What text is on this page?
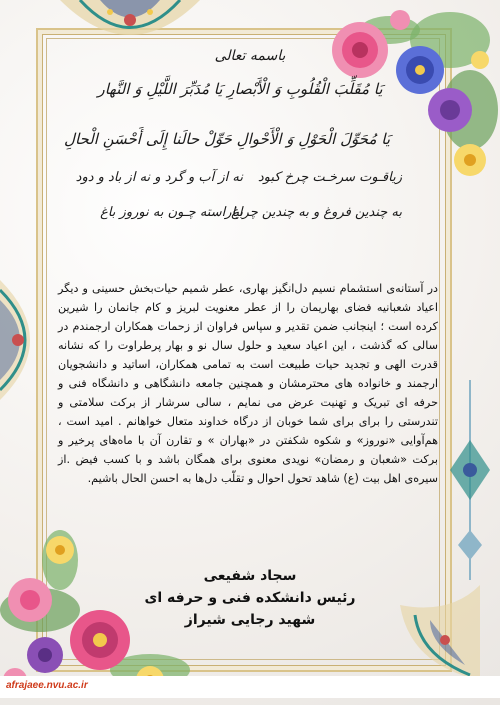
باسمه تعالی
يَا مُقَلِّبَ الْقُلُوبِ وَ الْأَبْصارِ يَا مُدَبِّرَ اللَّيْلِ وَ النَّهار
يَا مُحَوِّلَ الْحَوْلِ وَ الْأَحْوالِ حَوِّلْ حالَنا إِلَى أَحْسَنِ الْحالِ
زیاقـوت سرخـت چرخ کبود
نه از آب و گرد و نه از باد و دود
به چندین فروغ و به چندین چراغ
بیاراسته چـون به نوروز باغ
در آستانه‌ی استشمام نسیم دل‌انگیز بهاری، عطر شمیم حیات‌بخش حسینی و دیگر اعیاد شعبانیه فضای بهاریمان را از عطر معنویت لبریز و کام جانمان را شیرین کرده است ؛ اینجانب ضمن تقدیر و سپاس فراوان از زحمات همکاران ارجمندم در سالی که گذشت ، این اعیاد سعید و حلول سال نو و بهار پرطراوت را که نشانه قدرت الهی و تجدید حیات طبیعت است به تمامی همکاران، اساتید و دانشجویان ارجمند و خانواده های محترمشان و همچنین جامعه دانشگاهی و دانشگاه فنی و حرفه ای تبریک و تهنیت عرض می نمایم ، سالی سرشار از برکت سلامتی و تندرستی را برای برای شما خوبان از درگاه خداوند متعال خواهانم . امید است ، هم‌آوایی «نوروز» و شکوه شکفتن در «بهاران » و تقارن آن با ماه‌های پرخیر و برکت «شعبان و رمضان» نویدی معنوی برای همگان باشد و با کسب فیض .از سیره‌ی اهل بیت (ع) شاهد تحول احوال و تقلّب دل‌ها به احسن الحال باشیم.
سجاد شفیعی
رئیس دانشکده فنی و حرفه ای
شهید رجایی شیراز
afrajaee.nvu.ac.ir
